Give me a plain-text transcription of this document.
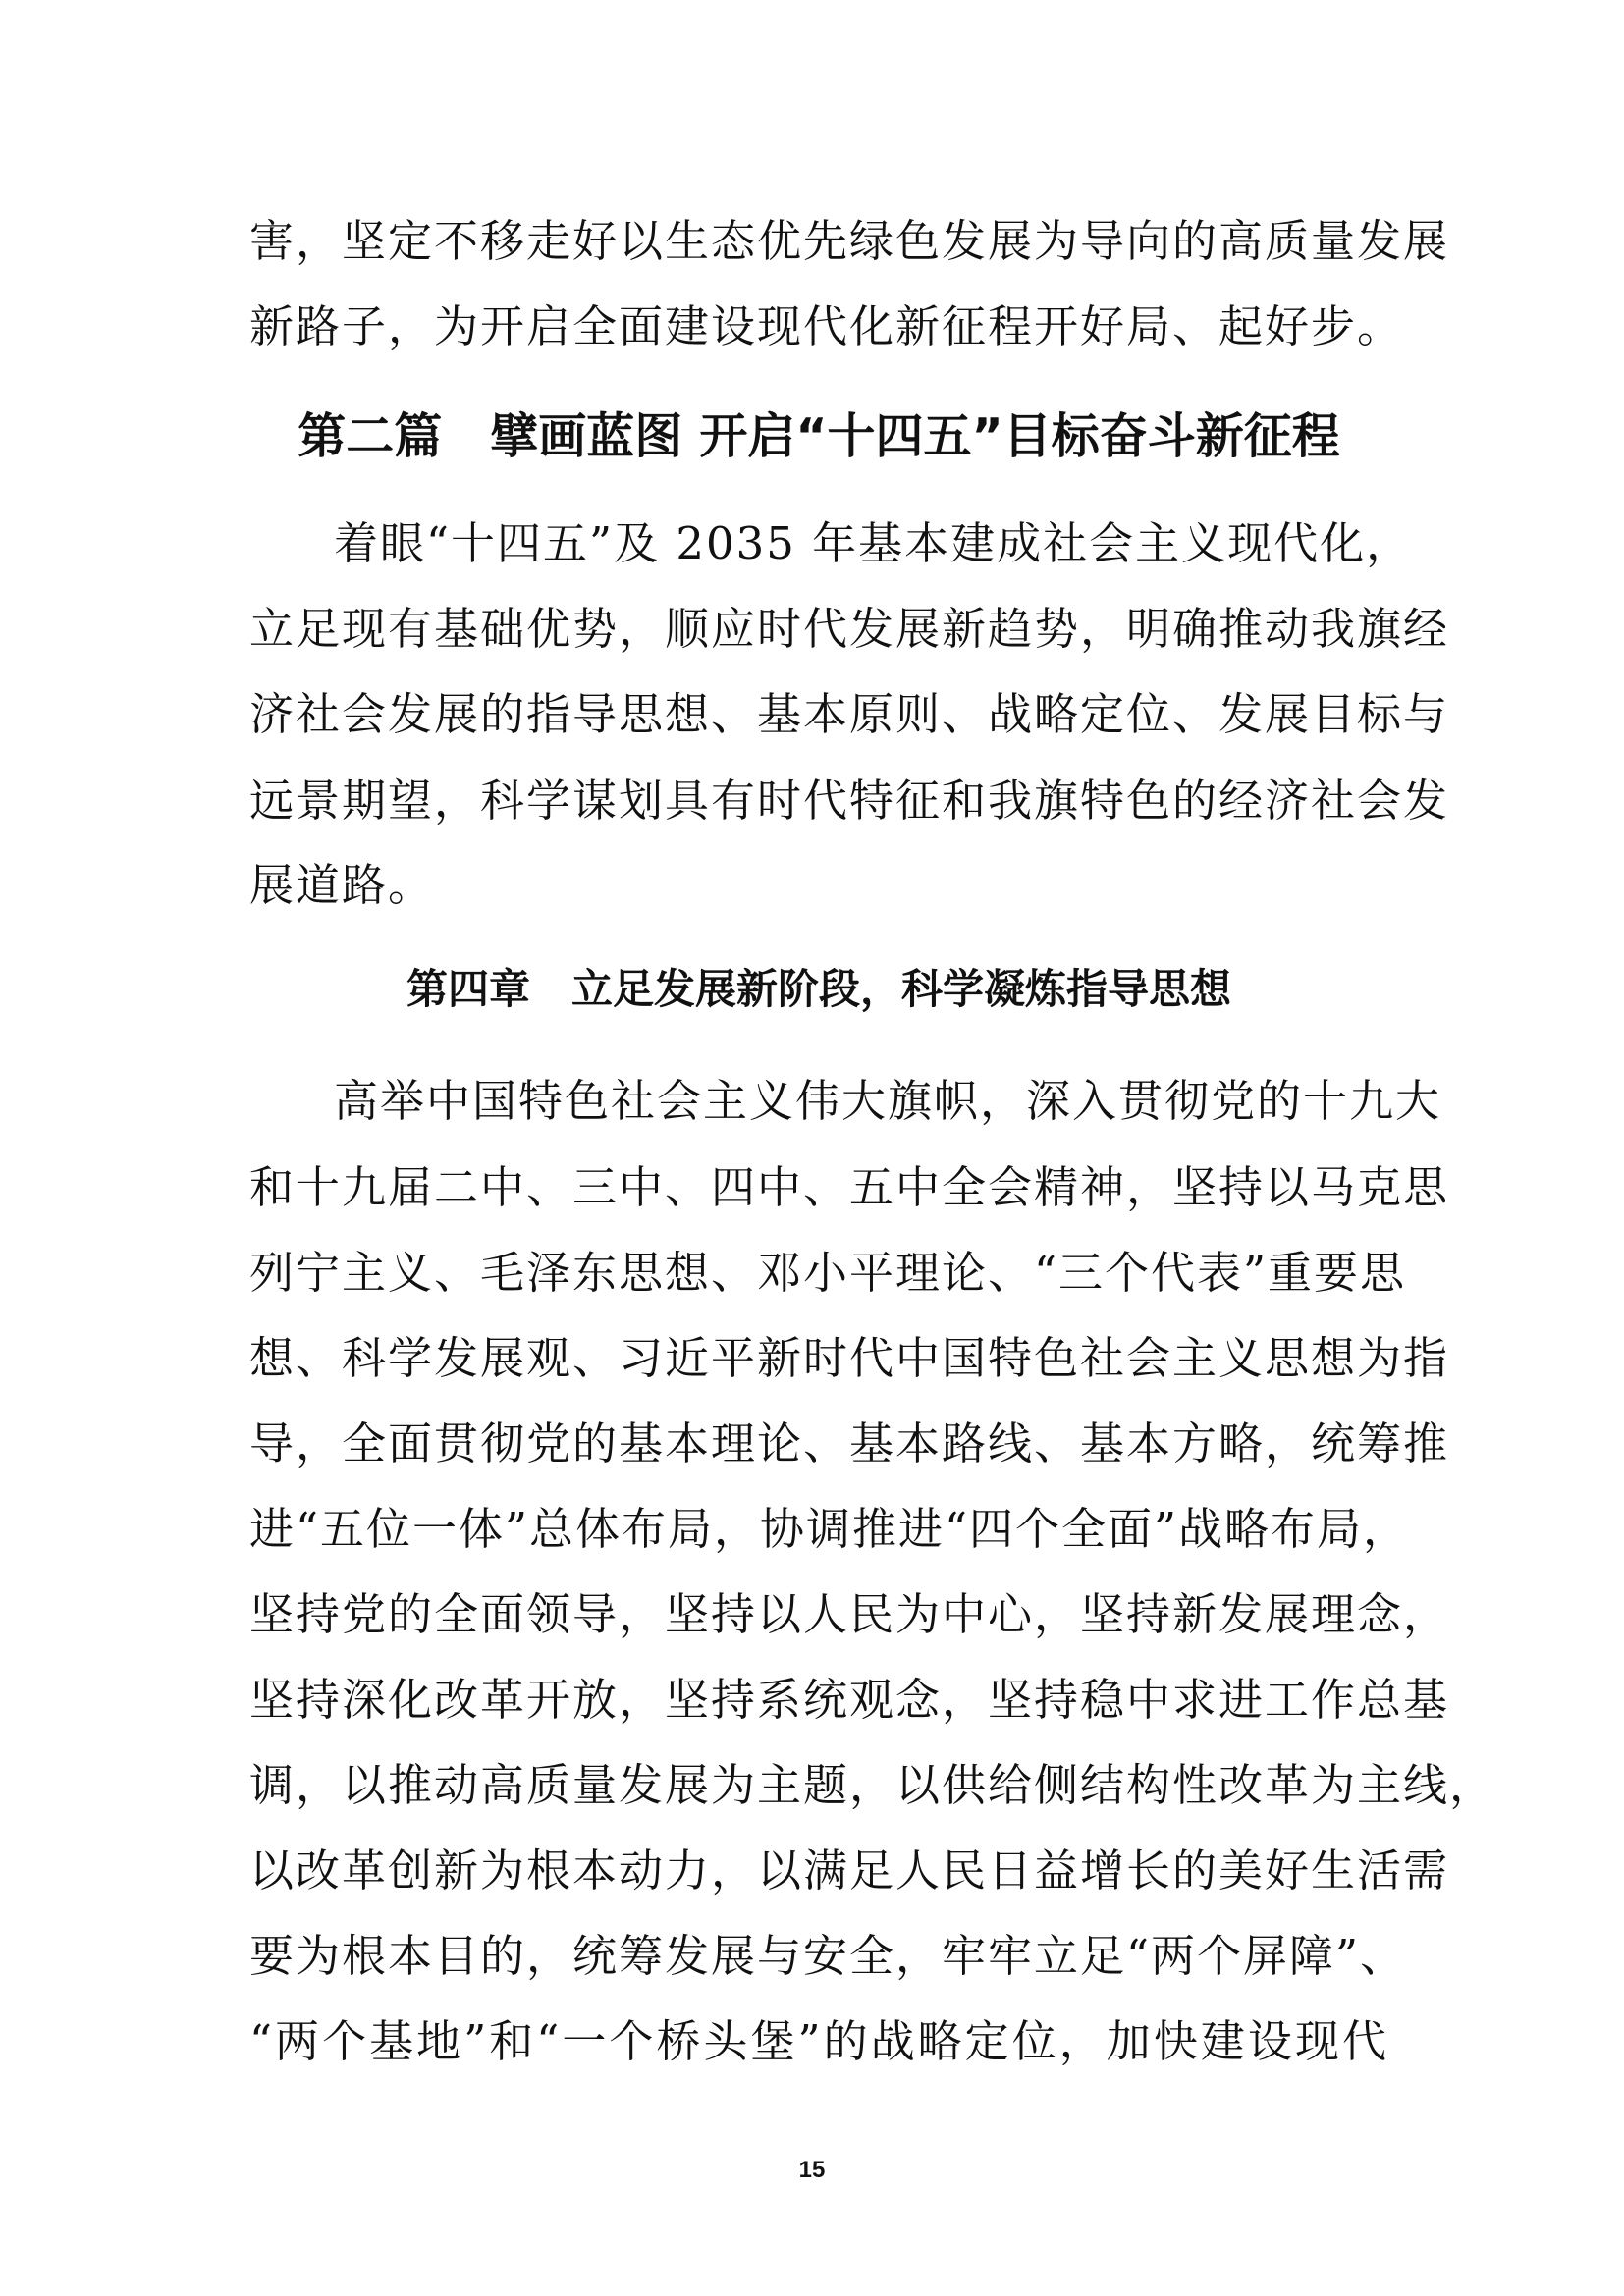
害，坚定不移走好以生态优先绿色发展为导向的高质量发展
新路子，为开启全面建设现代化新征程开好局、起好步。
第二篇　擘画蓝图 开启“十四五”目标奋斗新征程
着眼“十四五”及 2035 年基本建成社会主义现代化，
立足现有基础优势，顺应时代发展新趋势，明确推动我旗经
济社会发展的指导思想、基本原则、战略定位、发展目标与
远景期望，科学谋划具有时代特征和我旗特色的经济社会发
展道路。
第四章　立足发展新阶段，科学凝炼指导思想
高举中国特色社会主义伟大旗帜，深入贯彻党的十九大
和十九届二中、三中、四中、五中全会精神，坚持以马克思
列宁主义、毛泽东思想、邓小平理论、“三个代表”重要思
想、科学发展观、习近平新时代中国特色社会主义思想为指
导，全面贯彻党的基本理论、基本路线、基本方略，统筹推
进“五位一体”总体布局，协调推进“四个全面”战略布局，
坚持党的全面领导，坚持以人民为中心，坚持新发展理念，
坚持深化改革开放，坚持系统观念，坚持稳中求进工作总基
调，以推动高质量发展为主题，以供给侧结构性改革为主线，
以改革创新为根本动力，以满足人民日益增长的美好生活需
要为根本目的，统筹发展与安全，牢牢立足“两个屏障”、
“两个基地”和“一个桥头堡”的战略定位，加快建设现代
15
